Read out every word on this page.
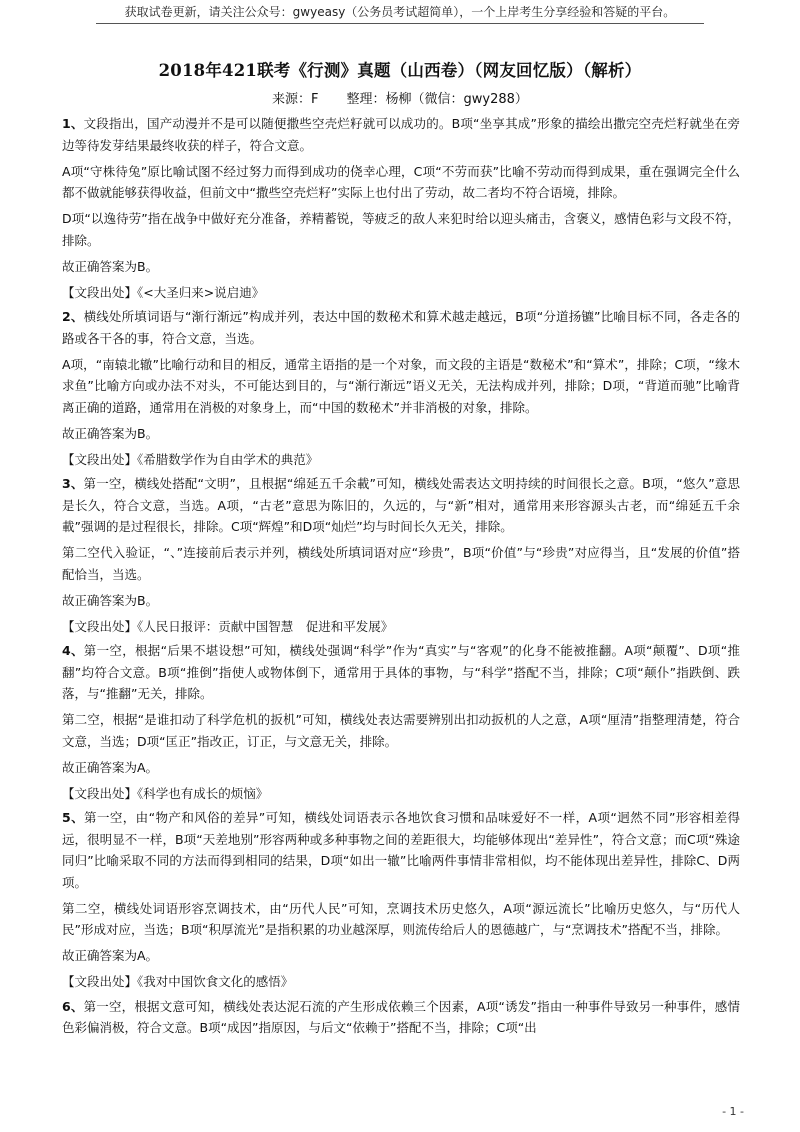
获取试卷更新，请关注公众号：gwyeasy（公务员考试超简单），一个上岸考生分享经验和答疑的平台。
2018年421联考《行测》真题（山西卷）（网友回忆版）（解析）
来源：F 整理：杨柳（微信：gwy288）

1、文段指出，国产动漫并不是可以随便撒些空壳烂籽就可以成功的。B项“坐享其成”形象的描绘出撒完空壳烂籽就坐在旁边等待发芽结果最终收获的样子，符合文意。

A项“守株待兔”原比喻试图不经过努力而得到成功的侥幸心理，C项“不劳而获”比喻不劳动而得到成果，重在强调完全什么都不做就能够获得收益，但前文中“撒些空壳烂籽”实际上也付出了劳动，故二者均不符合语境，排除。

D项“以逸待劳”指在战争中做好充分准备，养精蓄锐，等疲乏的敌人来犯时给以迎头痛击，含褒义，感情色彩与文段不符，排除。

故正确答案为B。

【文段出处】《<大圣归来>说启迪》

2、横线处所填词语与“渐行渐远”构成并列，表达中国的数秘术和算术越走越远，B项“分道扬镳”比喻目标不同，各走各的路或各干各的事，符合文意，当选。

A项，“南辕北辙”比喻行动和目的相反，通常主语指的是一个对象，而文段的主语是“数秘术”和“算术”，排除；C项，“缘木求鱼”比喻方向或办法不对头，不可能达到目的，与“渐行渐远”语义无关，无法构成并列，排除；D项，“背道而驰”比喻背离正确的道路，通常用在消极的对象身上，而“中国的数秘术”并非消极的对象，排除。

故正确答案为B。

【文段出处】《希腊数学作为自由学术的典范》

3、第一空，横线处搭配“文明”，且根据“绵延五千余載”可知，横线处需表达文明持续的时间很长之意。B项，“悠久”意思是长久，符合文意，当选。A项，“古老”意思为陈旧的，久远的，与“新”相对，通常用来形容源头古老，而“绵延五千余載”强调的是过程很长，排除。C项“辉煌”和D项“灿烂”均与时间长久无关，排除。

第二空代入验证，“、”连接前后表示并列，横线处所填词语对应“珍贵”，B项“价值”与“珍贵”对应得当，且“发展的价值”搭配恰当，当选。

故正确答案为B。

【文段出处】《人民日报评：贡献中国智慧　促进和平发展》

4、第一空，根据“后果不堪设想”可知，横线处强调“科学”作为“真实”与“客观”的化身不能被推翻。A项“颠覆”、D项“推翻”均符合文意。B项“推倒”指使人或物体倒下，通常用于具体的事物，与“科学”搭配不当，排除；C项“颠仆”指跌倒、跌落，与“推翻”无关，排除。

第二空，根据“是谁扣动了科学危机的扳机”可知，横线处表达需要辨别出扣动扳机的人之意，A项“厘清”指整理清楚，符合文意，当选；D项“匡正”指改正，订正，与文意无关，排除。

故正确答案为A。

【文段出处】《科学也有成长的烦恼》

5、第一空，由“物产和风俗的差异”可知，横线处词语表示各地饮食习惯和品味爱好不一样，A项“迥然不同”形容相差得远，很明显不一样，B项“天差地别”形容两种或多种事物之间的差距很大，均能够体现出“差异性”，符合文意；而C项“殊途同归”比喻采取不同的方法而得到相同的结果，D项“如出一辙”比喻两件事情非常相似，均不能体现出差异性，排除C、D两项。

第二空，横线处词语形容烹调技术，由“历代人民”可知，烹调技术历史悠久，A项“源远流长”比喻历史悠久，与“历代人民”形成对应，当选；B项“积厚流光”是指积累的功业越深厚，则流传给后人的恩德越广，与“烹调技术”搭配不当，排除。

故正确答案为A。

【文段出处】《我对中国饮食文化的感悟》

6、第一空，根据文意可知，横线处表达泥石流的产生形成依赖三个因素，A项“诱发”指由一种事件导致另一种事件，感情色彩偏消极，符合文意。B项“成因”指原因，与后文“依赖于”搭配不当，排除；C项“出

- 1 -
